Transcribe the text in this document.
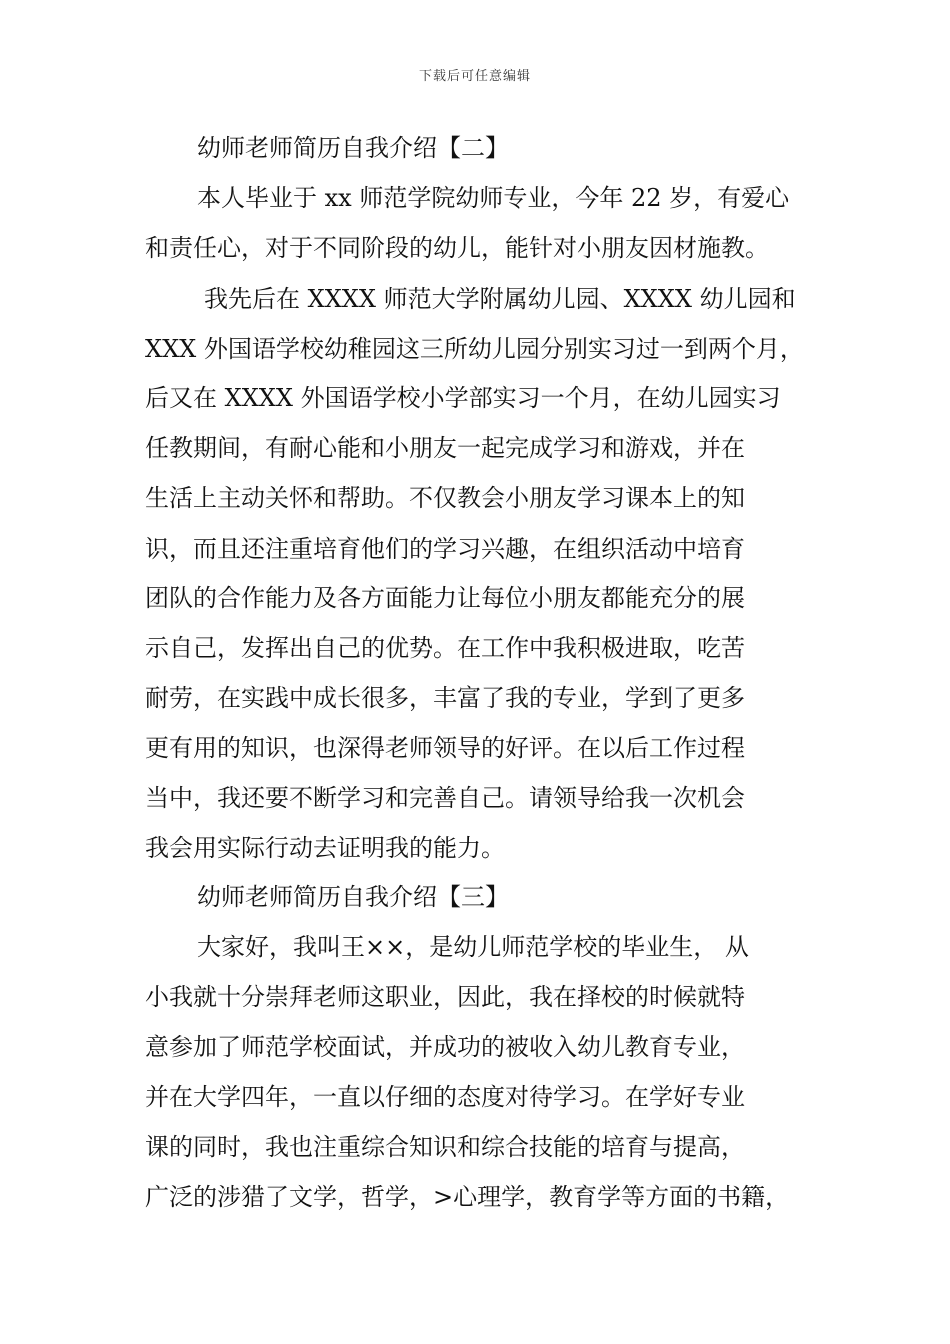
下载后可任意编辑
幼师老师简历自我介绍【二】
本人毕业于 xx 师范学院幼师专业，今年 22 岁，有爱心
和责任心，对于不同阶段的幼儿，能针对小朋友因材施教。
我先后在 XXXX 师范大学附属幼儿园、XXXX 幼儿园和
XXX 外国语学校幼稚园这三所幼儿园分别实习过一到两个月，
后又在 XXXX 外国语学校小学部实习一个月，在幼儿园实习
任教期间，有耐心能和小朋友一起完成学习和游戏，并在
生活上主动关怀和帮助。不仅教会小朋友学习课本上的知
识，而且还注重培育他们的学习兴趣，在组织活动中培育
团队的合作能力及各方面能力让每位小朋友都能充分的展
示自己，发挥出自己的优势。在工作中我积极进取，吃苦
耐劳，在实践中成长很多，丰富了我的专业，学到了更多
更有用的知识，也深得老师领导的好评。在以后工作过程
当中，我还要不断学习和完善自己。请领导给我一次机会
我会用实际行动去证明我的能力。
幼师老师简历自我介绍【三】
大家好，我叫王××，是幼儿师范学校的毕业生， 从
小我就十分崇拜老师这职业，因此，我在择校的时候就特
意参加了师范学校面试，并成功的被收入幼儿教育专业，
并在大学四年，一直以仔细的态度对待学习。在学好专业
课的同时，我也注重综合知识和综合技能的培育与提高，
广泛的涉猎了文学，哲学，>心理学，教育学等方面的书籍，
